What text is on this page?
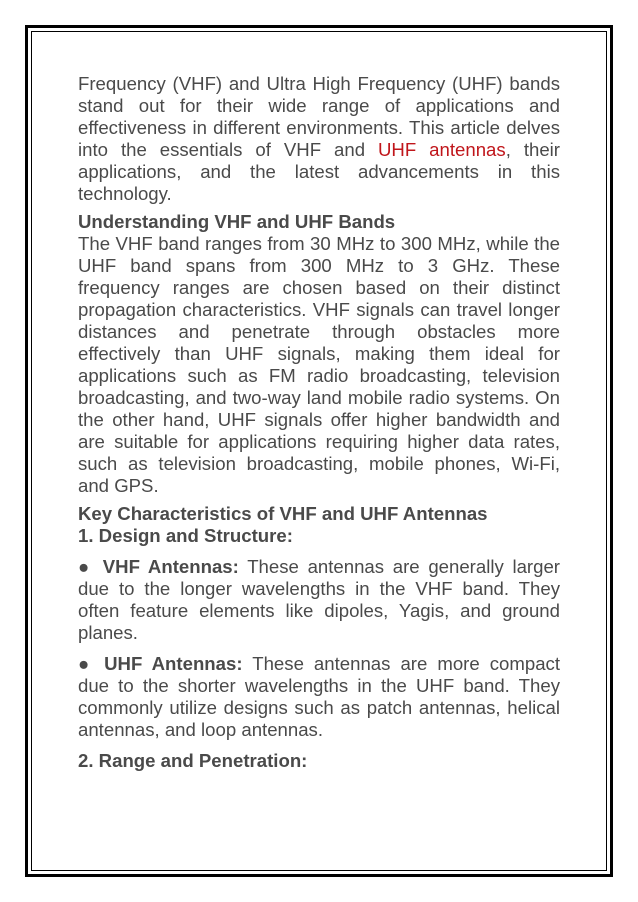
Frequency (VHF) and Ultra High Frequency (UHF) bands stand out for their wide range of applications and effectiveness in different environments. This article delves into the essentials of VHF and UHF antennas, their applications, and the latest advancements in this technology.

Understanding VHF and UHF Bands

The VHF band ranges from 30 MHz to 300 MHz, while the UHF band spans from 300 MHz to 3 GHz. These frequency ranges are chosen based on their distinct propagation characteristics. VHF signals can travel longer distances and penetrate through obstacles more effectively than UHF signals, making them ideal for applications such as FM radio broadcasting, television broadcasting, and two-way land mobile radio systems. On the other hand, UHF signals offer higher bandwidth and are suitable for applications requiring higher data rates, such as television broadcasting, mobile phones, Wi-Fi, and GPS.

Key Characteristics of VHF and UHF Antennas
1. Design and Structure:

● VHF Antennas: These antennas are generally larger due to the longer wavelengths in the VHF band. They often feature elements like dipoles, Yagis, and ground planes.

● UHF Antennas: These antennas are more compact due to the shorter wavelengths in the UHF band. They commonly utilize designs such as patch antennas, helical antennas, and loop antennas.

2. Range and Penetration:
